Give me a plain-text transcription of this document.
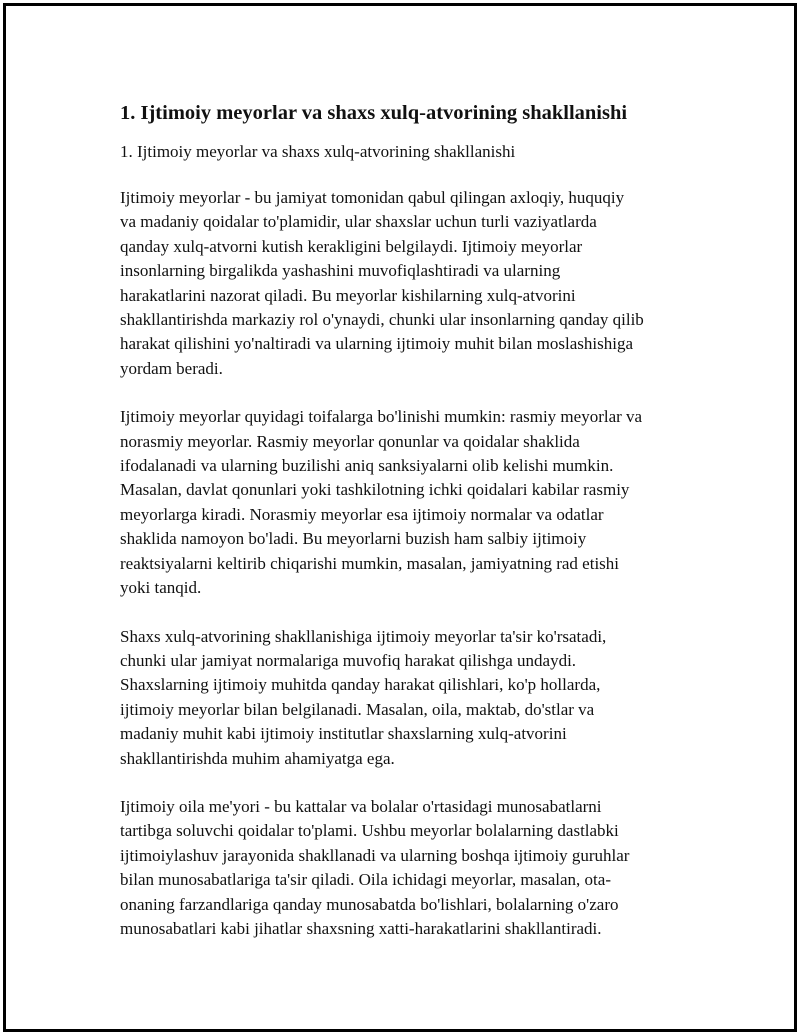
1. Ijtimoiy meyorlar va shaxs xulq-atvorining shakllanishi
1. Ijtimoiy meyorlar va shaxs xulq-atvorining shakllanishi

Ijtimoiy meyorlar - bu jamiyat tomonidan qabul qilingan axloqiy, huquqiy
va madaniy qoidalar to'plamidir, ular shaxslar uchun turli vaziyatlarda
qanday xulq-atvorni kutish kerakligini belgilaydi. Ijtimoiy meyorlar
insonlarning birgalikda yashashini muvofiqlashtiradi va ularning
harakatlarini nazorat qiladi. Bu meyorlar kishilarning xulq-atvorini
shakllantirishda markaziy rol o'ynaydi, chunki ular insonlarning qanday qilib
harakat qilishini yo'naltiradi va ularning ijtimoiy muhit bilan moslashishiga
yordam beradi.

Ijtimoiy meyorlar quyidagi toifalarga bo'linishi mumkin: rasmiy meyorlar va
norasmiy meyorlar. Rasmiy meyorlar qonunlar va qoidalar shaklida
ifodalanadi va ularning buzilishi aniq sanksiyalarni olib kelishi mumkin.
Masalan, davlat qonunlari yoki tashkilotning ichki qoidalari kabilar rasmiy
meyorlarga kiradi. Norasmiy meyorlar esa ijtimoiy normalar va odatlar
shaklida namoyon bo'ladi. Bu meyorlarni buzish ham salbiy ijtimoiy
reaktsiyalarni keltirib chiqarishi mumkin, masalan, jamiyatning rad etishi
yoki tanqid.

Shaxs xulq-atvorining shakllanishiga ijtimoiy meyorlar ta'sir ko'rsatadi,
chunki ular jamiyat normalariga muvofiq harakat qilishga undaydi.
Shaxslarning ijtimoiy muhitda qanday harakat qilishlari, ko'p hollarda,
ijtimoiy meyorlar bilan belgilanadi. Masalan, oila, maktab, do'stlar va
madaniy muhit kabi ijtimoiy institutlar shaxslarning xulq-atvorini
shakllantirishda muhim ahamiyatga ega.

Ijtimoiy oila me'yori - bu kattalar va bolalar o'rtasidagi munosabatlarni
tartibga soluvchi qoidalar to'plami. Ushbu meyorlar bolalarning dastlabki
ijtimoiylashuv jarayonida shakllanadi va ularning boshqa ijtimoiy guruhlar
bilan munosabatlariga ta'sir qiladi. Oila ichidagi meyorlar, masalan, ota-
onaning farzandlariga qanday munosabatda bo'lishlari, bolalarning o'zaro
munosabatlari kabi jihatlar shaxsning xatti-harakatlarini shakllantiradi.
